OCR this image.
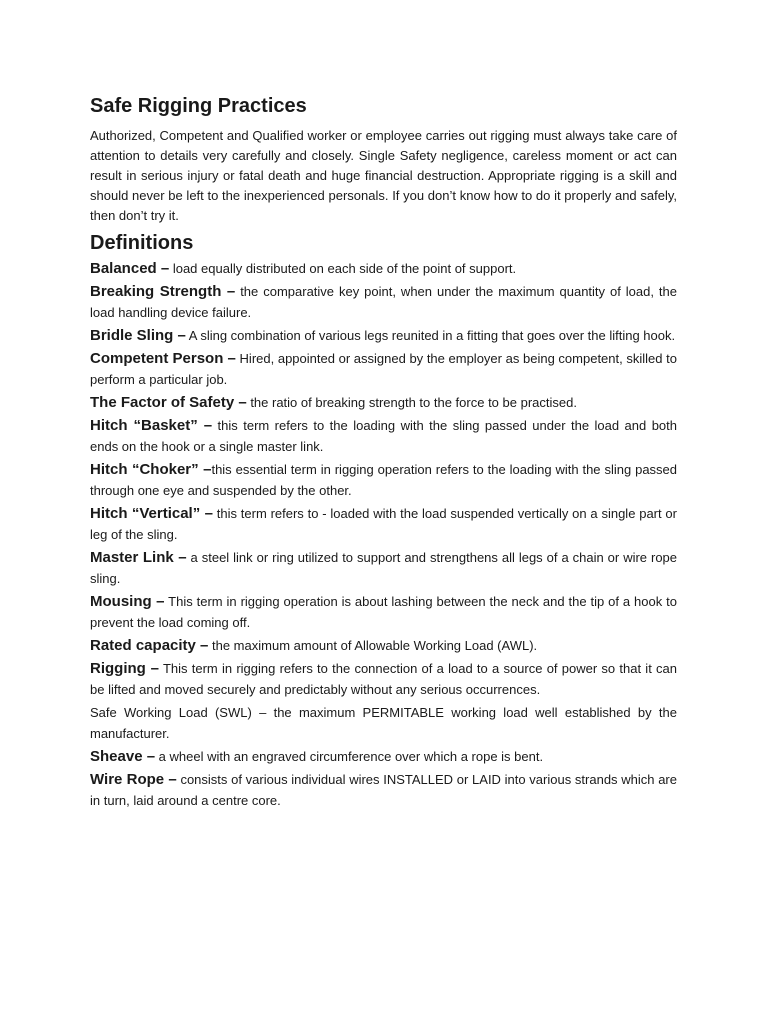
Safe Rigging Practices

Authorized, Competent and Qualified worker or employee carries out rigging must always take care of attention to details very carefully and closely. Single Safety negligence, careless moment or act can result in serious injury or fatal death and huge financial destruction. Appropriate rigging is a skill and should never be left to the inexperienced personals. If you don’t know how to do it properly and safely, then don’t try it.

Definitions

Balanced – load equally distributed on each side of the point of support.

Breaking Strength – the comparative key point, when under the maximum quantity of load, the load handling device failure.

Bridle Sling – A sling combination of various legs reunited in a fitting that goes over the lifting hook.

Competent Person – Hired, appointed or assigned by the employer as being competent, skilled to perform a particular job.

The Factor of Safety – the ratio of breaking strength to the force to be practised.

Hitch “Basket” – this term refers to the loading with the sling passed under the load and both ends on the hook or a single master link.

Hitch “Choker” –this essential term in rigging operation refers to the loading with the sling passed through one eye and suspended by the other.

Hitch “Vertical” – this term refers to - loaded with the load suspended vertically on a single part or leg of the sling.

Master Link – a steel link or ring utilized to support and strengthens all legs of a chain or wire rope sling.

Mousing – This term in rigging operation is about lashing between the neck and the tip of a hook to prevent the load coming off.

Rated capacity – the maximum amount of Allowable Working Load (AWL).

Rigging – This term in rigging refers to the connection of a load to a source of power so that it can be lifted and moved securely and predictably without any serious occurrences.

Safe Working Load (SWL) – the maximum PERMITABLE working load well established by the manufacturer.

Sheave – a wheel with an engraved circumference over which a rope is bent.

Wire Rope – consists of various individual wires INSTALLED or LAID into various strands which are in turn, laid around a centre core.
